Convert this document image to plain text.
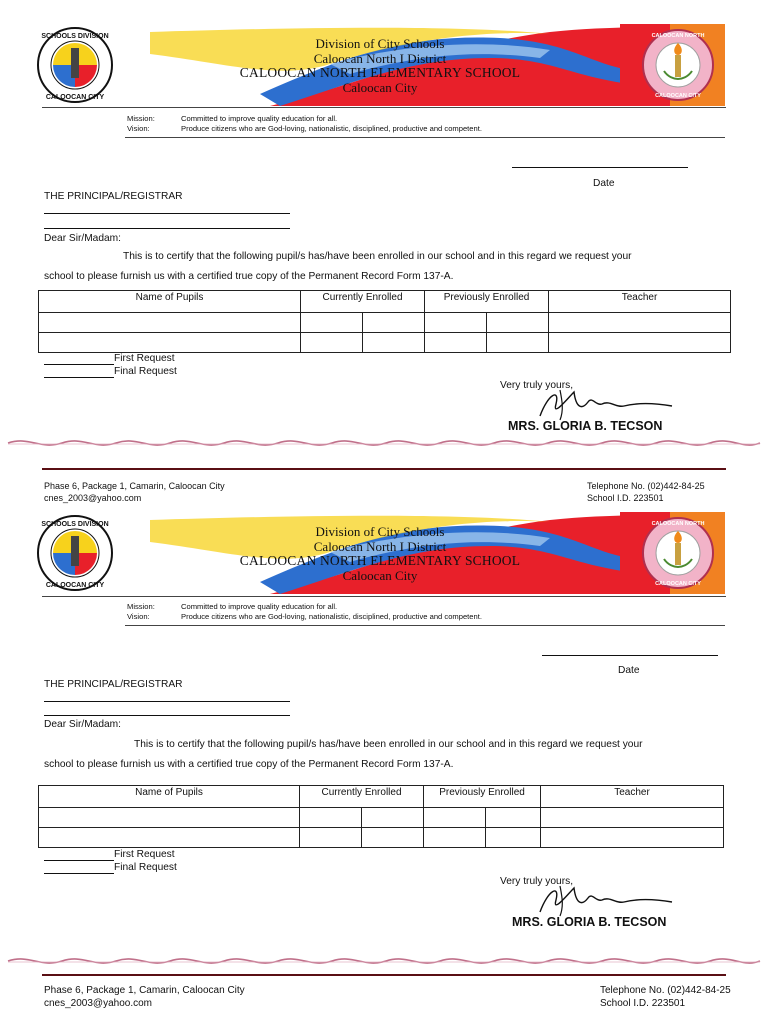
SCHOOLS DIVISION
CALOOCAN CITY
CALOOCAN NORTH
CALOOCAN CITY
Division of City Schools
Caloocan North I District
CALOOCAN NORTH ELEMENTARY SCHOOL
Caloocan City
Mission:	Committed to improve quality education for all.
Vision:	Produce citizens who are God-loving, nationalistic, disciplined, productive and competent.
Date
THE PRINCIPAL/REGISTRAR
Dear Sir/Madam:
This is to certify that the following pupil/s has/have been enrolled in our school and in this regard we request your
school to please furnish us with a certified true copy of the Permanent Record Form 137-A.
Name of Pupils	Currently Enrolled		Previously Enrolled		Teacher

First Request
Final Request
Very truly yours,
MRS. GLORIA B. TECSON
Phase 6, Package 1, Camarin, Caloocan City
cnes_2003@yahoo.com
Telephone No. (02)442-84-25
School I.D. 223501
SCHOOLS DIVISION
CALOOCAN CITY
CALOOCAN NORTH
CALOOCAN CITY
Division of City Schools
Caloocan North I District
CALOOCAN NORTH ELEMENTARY SCHOOL
Caloocan City
Mission:	Committed to improve quality education for all.
Vision:	Produce citizens who are God-loving, nationalistic, disciplined, productive and competent.
Date
THE PRINCIPAL/REGISTRAR
Dear Sir/Madam:
This is to certify that the following pupil/s has/have been enrolled in our school and in this regard we request your
school to please furnish us with a certified true copy of the Permanent Record Form 137-A.
Name of Pupils	Currently Enrolled		Previously Enrolled		Teacher

First Request
Final Request
Very truly yours,
MRS. GLORIA B. TECSON
Phase 6, Package 1, Camarin, Caloocan City
cnes_2003@yahoo.com
Telephone No. (02)442-84-25
School I.D. 223501
